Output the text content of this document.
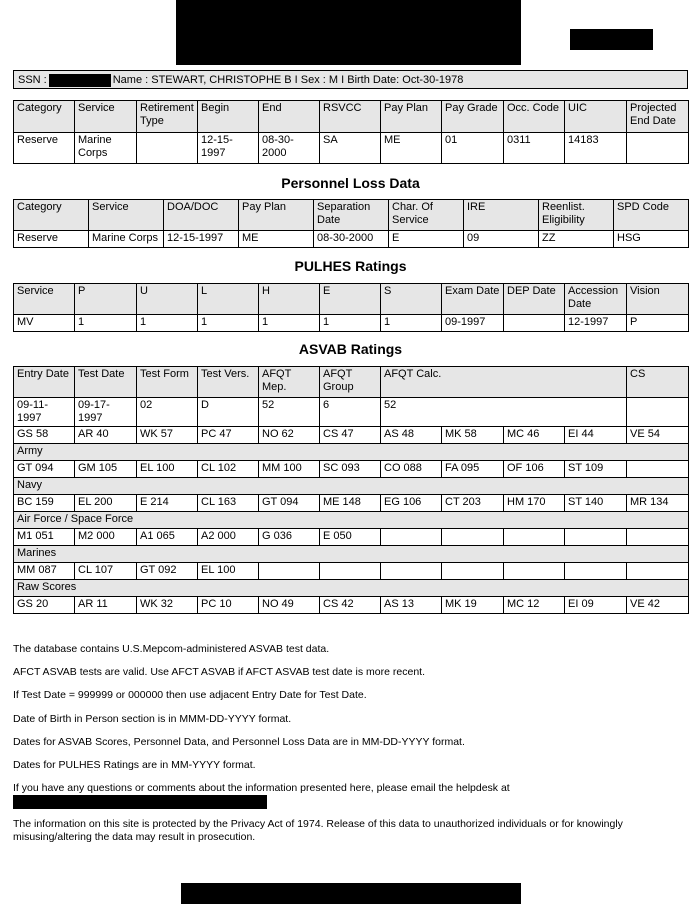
SSN :	Name : STEWART, CHRISTOPHE B I Sex : M I Birth Date: Oct-30-1978
Category	Service	Retirement Type	Begin	End	RSVCC	Pay Plan	Pay Grade	Occ. Code	UIC	Projected End Date
Reserve	Marine Corps		12-15-1997	08-30-2000	SA	ME	01	0311	14183	
Personnel Loss Data
Category	Service	DOA/DOC	Pay Plan	Separation Date	Char. Of Service	IRE	Reenlist. Eligibility	SPD Code
Reserve	Marine Corps	12-15-1997	ME	08-30-2000	E	09	ZZ	HSG
PULHES Ratings
Service	P	U	L	H	E	S	Exam Date	DEP Date	Accession Date	Vision
MV	1	1	1	1	1	1	09-1997		12-1997	P
ASVAB Ratings
Entry Date	Test Date	Test Form	Test Vers.	AFQT Mep.	AFQT Group	AFQT Calc.				CS
09-11-1997	09-17-1997	02	D	52	6	52				
GS 58	AR 40	WK 57	PC 47	NO 62	CS 47	AS 48	MK 58	MC 46	EI 44	VE 54
Army										
GT 094	GM 105	EL 100	CL 102	MM 100	SC 093	CO 088	FA 095	OF 106	ST 109	
Navy										
BC 159	EL 200	E 214	CL 163	GT 094	ME 148	EG 106	CT 203	HM 170	ST 140	MR 134
Air Force / Space Force										
M1 051	M2 000	A1 065	A2 000	G 036	E 050					
Marines										
MM 087	CL 107	GT 092	EL 100							
Raw Scores										
GS 20	AR 11	WK 32	PC 10	NO 49	CS 42	AS 13	MK 19	MC 12	EI 09	VE 42
The database contains U.S.Mepcom-administered ASVAB test data.
AFCT ASVAB tests are valid. Use AFCT ASVAB if AFCT ASVAB test date is more recent.
If Test Date = 999999 or 000000 then use adjacent Entry Date for Test Date.
Date of Birth in Person section is in MMM-DD-YYYY format.
Dates for ASVAB Scores, Personnel Data, and Personnel Loss Data are in MM-DD-YYYY format.
Dates for PULHES Ratings are in MM-YYYY format.
If you have any questions or comments about the information presented here, please email the helpdesk at
The information on this site is protected by the Privacy Act of 1974. Release of this data to unauthorized individuals or for knowingly misusing/altering the data may result in prosecution.
